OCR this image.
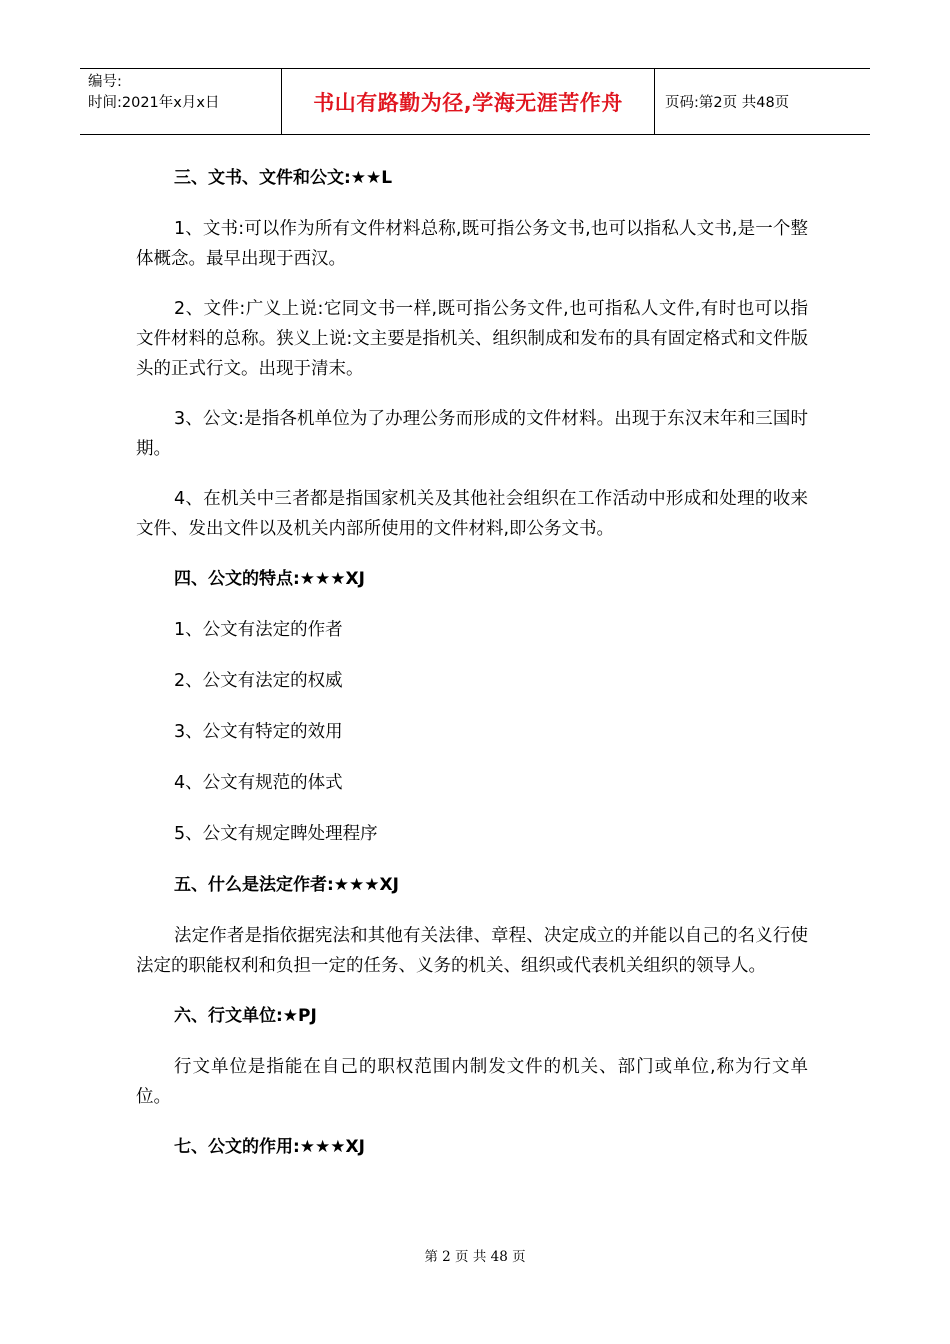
编号:
时间:2021年x月x日	书山有路勤为径,学海无涯苦作舟	页码:第2页 共48页

三、文书、文件和公文:★★L

1、文书:可以作为所有文件材料总称,既可指公务文书,也可以指私人文书,是一个整体概念。最早出现于西汉。

2、文件:广义上说:它同文书一样,既可指公务文件,也可指私人文件,有时也可以指文件材料的总称。狭义上说:文主要是指机关、组织制成和发布的具有固定格式和文件版头的正式行文。出现于清末。

3、公文:是指各机单位为了办理公务而形成的文件材料。出现于东汉末年和三国时期。

4、在机关中三者都是指国家机关及其他社会组织在工作活动中形成和处理的收来文件、发出文件以及机关内部所使用的文件材料,即公务文书。

四、公文的特点:★★★XJ

1、公文有法定的作者

2、公文有法定的权威

3、公文有特定的效用

4、公文有规范的体式

5、公文有规定睥处理程序

五、什么是法定作者:★★★XJ

法定作者是指依据宪法和其他有关法律、章程、决定成立的并能以自己的名义行使法定的职能权利和负担一定的任务、义务的机关、组织或代表机关组织的领导人。

六、行文单位:★PJ

行文单位是指能在自己的职权范围内制发文件的机关、部门或单位,称为行文单位。

七、公文的作用:★★★XJ

第 2 页 共 48 页
